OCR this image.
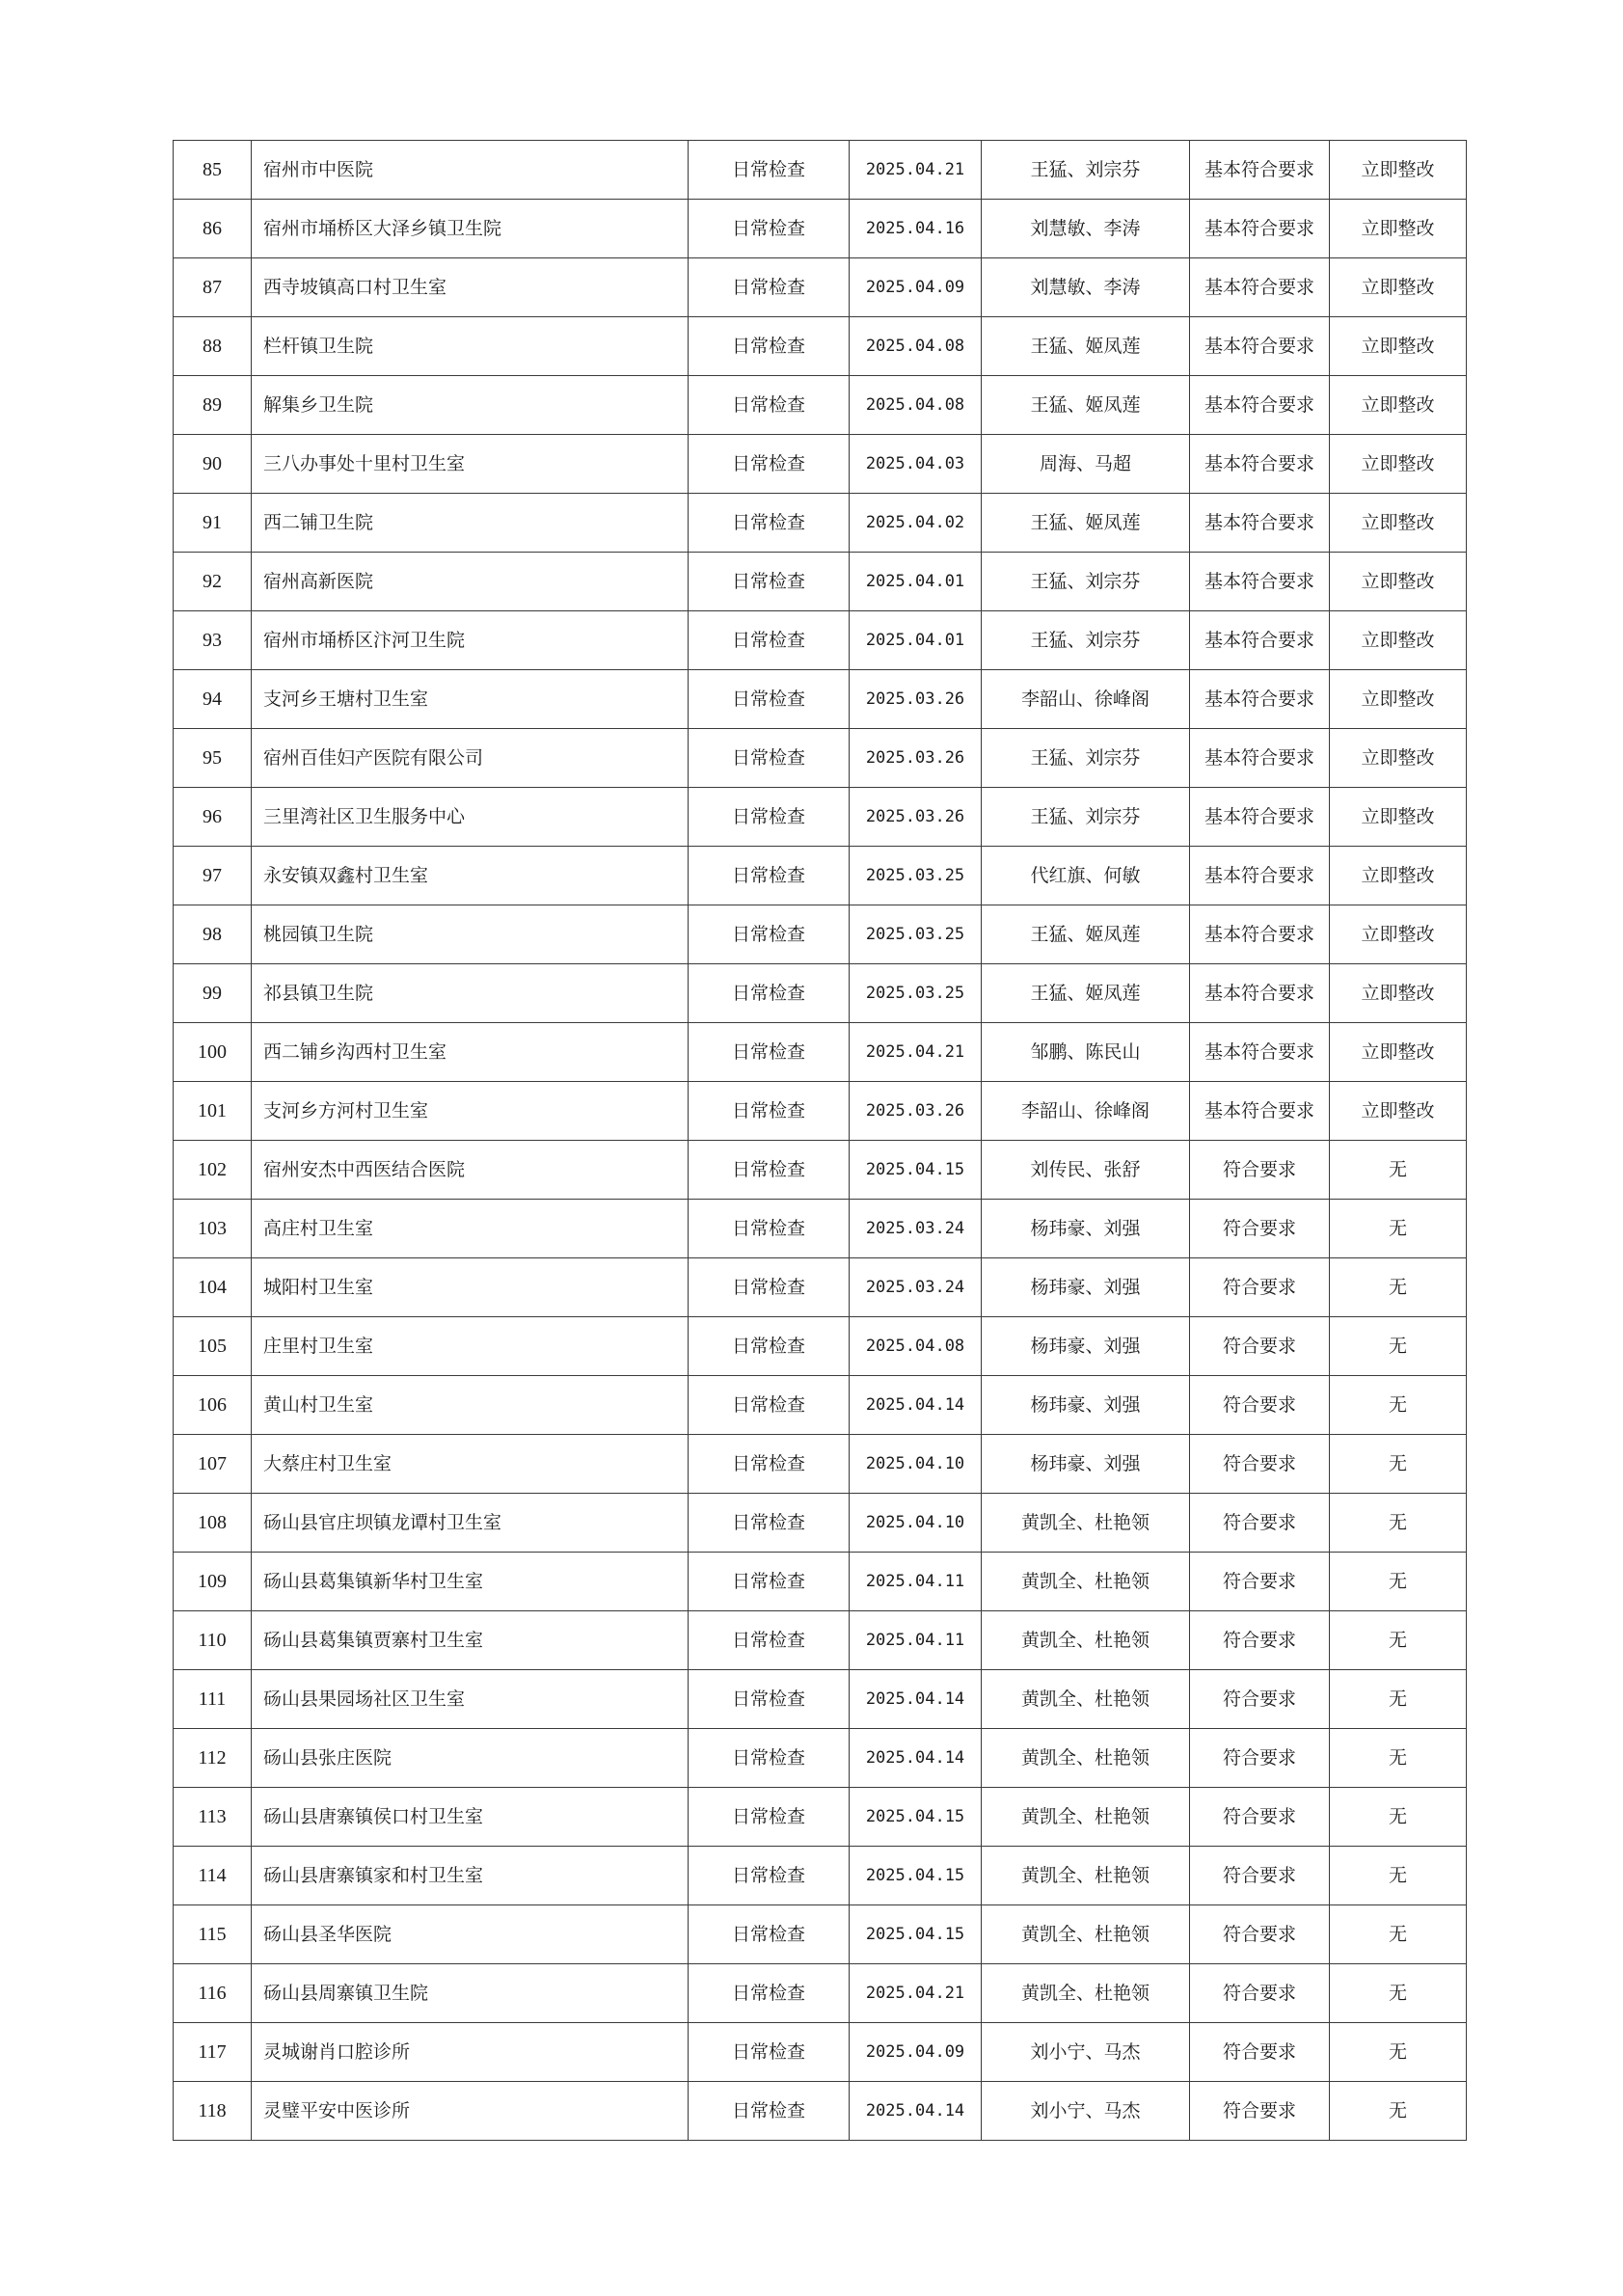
85	宿州市中医院	日常检查	2025.04.21	王猛、刘宗芬	基本符合要求	立即整改
86	宿州市埇桥区大泽乡镇卫生院	日常检查	2025.04.16	刘慧敏、李涛	基本符合要求	立即整改
87	西寺坡镇高口村卫生室	日常检查	2025.04.09	刘慧敏、李涛	基本符合要求	立即整改
88	栏杆镇卫生院	日常检查	2025.04.08	王猛、姬凤莲	基本符合要求	立即整改
89	解集乡卫生院	日常检查	2025.04.08	王猛、姬凤莲	基本符合要求	立即整改
90	三八办事处十里村卫生室	日常检查	2025.04.03	周海、马超	基本符合要求	立即整改
91	西二铺卫生院	日常检查	2025.04.02	王猛、姬凤莲	基本符合要求	立即整改
92	宿州高新医院	日常检查	2025.04.01	王猛、刘宗芬	基本符合要求	立即整改
93	宿州市埇桥区汴河卫生院	日常检查	2025.04.01	王猛、刘宗芬	基本符合要求	立即整改
94	支河乡王塘村卫生室	日常检查	2025.03.26	李韶山、徐峰阁	基本符合要求	立即整改
95	宿州百佳妇产医院有限公司	日常检查	2025.03.26	王猛、刘宗芬	基本符合要求	立即整改
96	三里湾社区卫生服务中心	日常检查	2025.03.26	王猛、刘宗芬	基本符合要求	立即整改
97	永安镇双鑫村卫生室	日常检查	2025.03.25	代红旗、何敏	基本符合要求	立即整改
98	桃园镇卫生院	日常检查	2025.03.25	王猛、姬凤莲	基本符合要求	立即整改
99	祁县镇卫生院	日常检查	2025.03.25	王猛、姬凤莲	基本符合要求	立即整改
100	西二铺乡沟西村卫生室	日常检查	2025.04.21	邹鹏、陈民山	基本符合要求	立即整改
101	支河乡方河村卫生室	日常检查	2025.03.26	李韶山、徐峰阁	基本符合要求	立即整改
102	宿州安杰中西医结合医院	日常检查	2025.04.15	刘传民、张舒	符合要求	无
103	高庄村卫生室	日常检查	2025.03.24	杨玮豪、刘强	符合要求	无
104	城阳村卫生室	日常检查	2025.03.24	杨玮豪、刘强	符合要求	无
105	庄里村卫生室	日常检查	2025.04.08	杨玮豪、刘强	符合要求	无
106	黄山村卫生室	日常检查	2025.04.14	杨玮豪、刘强	符合要求	无
107	大蔡庄村卫生室	日常检查	2025.04.10	杨玮豪、刘强	符合要求	无
108	砀山县官庄坝镇龙谭村卫生室	日常检查	2025.04.10	黄凯全、杜艳领	符合要求	无
109	砀山县葛集镇新华村卫生室	日常检查	2025.04.11	黄凯全、杜艳领	符合要求	无
110	砀山县葛集镇贾寨村卫生室	日常检查	2025.04.11	黄凯全、杜艳领	符合要求	无
111	砀山县果园场社区卫生室	日常检查	2025.04.14	黄凯全、杜艳领	符合要求	无
112	砀山县张庄医院	日常检查	2025.04.14	黄凯全、杜艳领	符合要求	无
113	砀山县唐寨镇侯口村卫生室	日常检查	2025.04.15	黄凯全、杜艳领	符合要求	无
114	砀山县唐寨镇家和村卫生室	日常检查	2025.04.15	黄凯全、杜艳领	符合要求	无
115	砀山县圣华医院	日常检查	2025.04.15	黄凯全、杜艳领	符合要求	无
116	砀山县周寨镇卫生院	日常检查	2025.04.21	黄凯全、杜艳领	符合要求	无
117	灵城谢肖口腔诊所	日常检查	2025.04.09	刘小宁、马杰	符合要求	无
118	灵璧平安中医诊所	日常检查	2025.04.14	刘小宁、马杰	符合要求	无
